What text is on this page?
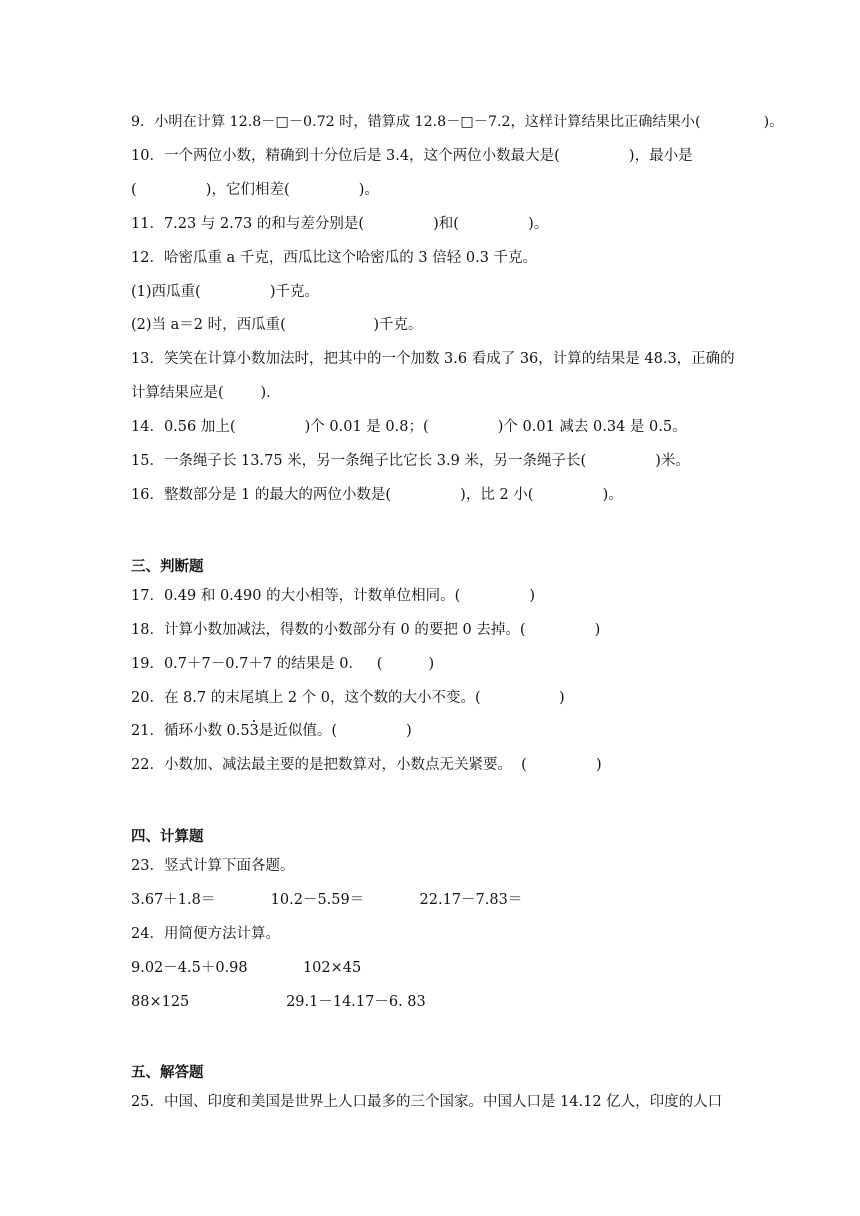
9．小明在计算 12.8－□－0.72 时，错算成 12.8－□－7.2，这样计算结果比正确结果小(              )。
10．一个两位小数，精确到十分位后是 3.4，这个两位小数最大是(               )，最小是
(               )，它们相差(               )。
11．7.23 与 2.73 的和与差分别是(               )和(               )。
12．哈密瓜重 a 千克，西瓜比这个哈密瓜的 3 倍轻 0.3 千克。
(1)西瓜重(               )千克。
(2)当 a＝2 时，西瓜重(                   )千克。
13．笑笑在计算小数加法时，把其中的一个加数 3.6 看成了 36，计算的结果是 48.3，正确的
计算结果应是(        )．
14．0.56 加上(               )个 0.01 是 0.8；(               )个 0.01 减去 0.34 是 0.5。
15．一条绳子长 13.75 米，另一条绳子比它长 3.9 米，另一条绳子长(               )米。
16．整数部分是 1 的最大的两位小数是(               )，比 2 小(               )。
三、判断题
17．0.49 和 0.490 的大小相等，计数单位相同。(               )
18．计算小数加减法，得数的小数部分有 0 的要把 0 去掉。(               )
19．0.7＋7－0.7＋7 的结果是 0．   (          )
20．在 8.7 的末尾填上 2 个 0，这个数的大小不变。(                 )
21．循环小数 0.53是近似值。(               )
22．小数加、减法最主要的是把数算对，小数点无关紧要。  (               )
四、计算题
23．竖式计算下面各题。
3.67＋1.8＝            10.2－5.59＝            22.17－7.83＝
24．用简便方法计算。
9.02－4.5＋0.98            102×45
88×125                     29.1－14.17－6. 83
五、解答题
25．中国、印度和美国是世界上人口最多的三个国家。中国人口是 14.12 亿人，印度的人口
